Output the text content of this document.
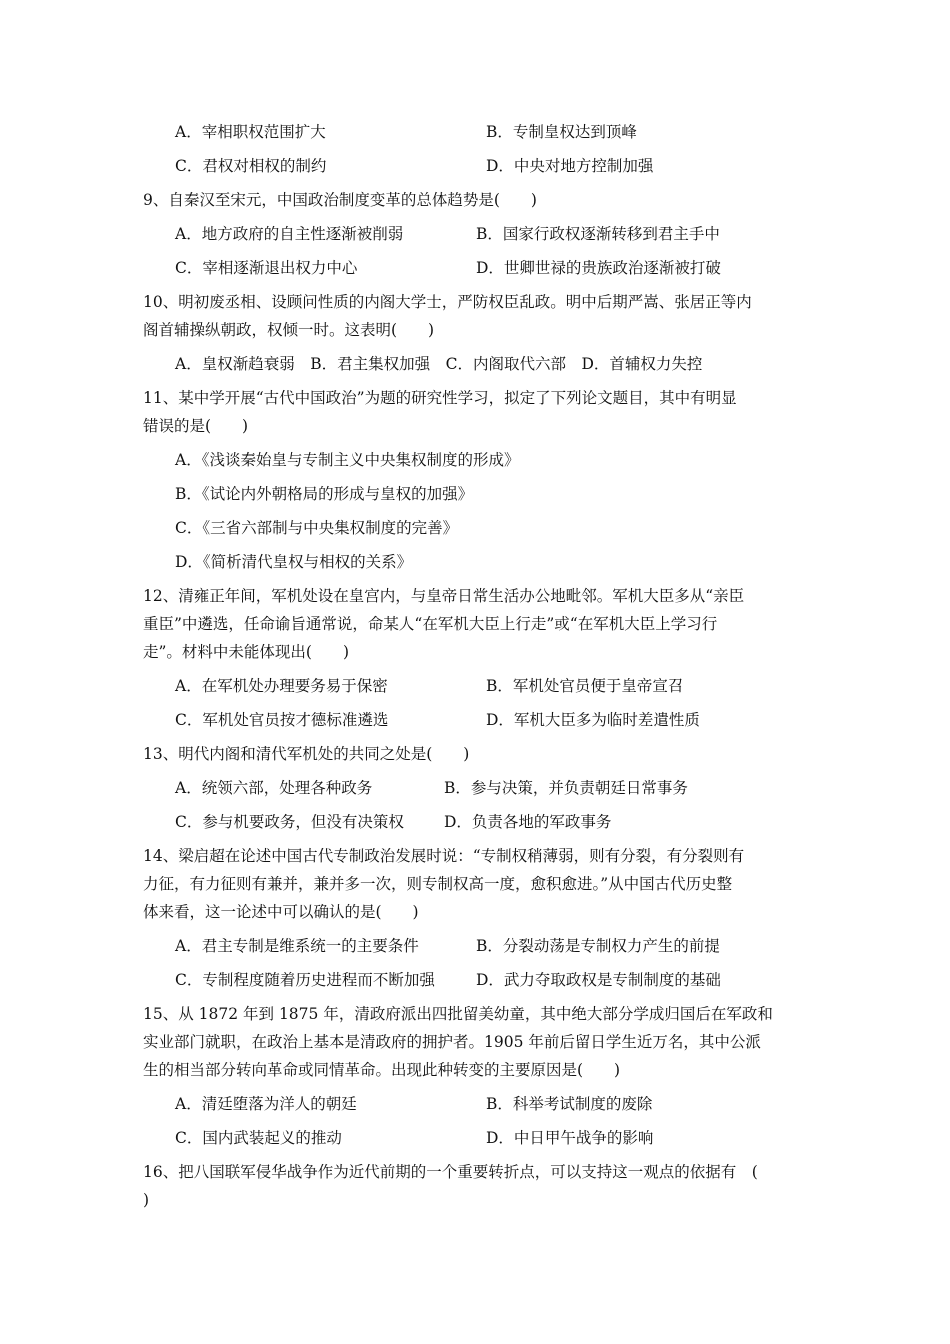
A．宰相职权范围扩大	B．专制皇权达到顶峰
C．君权对相权的制约	D．中央对地方控制加强
9、自秦汉至宋元，中国政治制度变革的总体趋势是(　　)
A．地方政府的自主性逐渐被削弱	B．国家行政权逐渐转移到君主手中
C．宰相逐渐退出权力中心	D．世卿世禄的贵族政治逐渐被打破
10、明初废丞相、设顾问性质的内阁大学士，严防权臣乱政。明中后期严嵩、张居正等内
阁首辅操纵朝政，权倾一时。这表明(　　)
A．皇权渐趋衰弱　B．君主集权加强　C．内阁取代六部　D．首辅权力失控
11、某中学开展“古代中国政治”为题的研究性学习，拟定了下列论文题目，其中有明显
错误的是(　　)
A．《浅谈秦始皇与专制主义中央集权制度的形成》
B．《试论内外朝格局的形成与皇权的加强》
C．《三省六部制与中央集权制度的完善》
D．《简析清代皇权与相权的关系》
12、清雍正年间，军机处设在皇宫内，与皇帝日常生活办公地毗邻。军机大臣多从“亲臣
重臣”中遴选，任命谕旨通常说，命某人“在军机大臣上行走”或“在军机大臣上学习行
走”。材料中未能体现出(　　)
A．在军机处办理要务易于保密	B．军机处官员便于皇帝宣召
C．军机处官员按才德标准遴选	D．军机大臣多为临时差遣性质
13、明代内阁和清代军机处的共同之处是(　　)
A．统领六部，处理各种政务	B．参与决策，并负责朝廷日常事务
C．参与机要政务，但没有决策权	D．负责各地的军政事务
14、梁启超在论述中国古代专制政治发展时说：“专制权稍薄弱，则有分裂，有分裂则有
力征，有力征则有兼并，兼并多一次，则专制权高一度，愈积愈进。”从中国古代历史整
体来看，这一论述中可以确认的是(　　)
A．君主专制是维系统一的主要条件	B．分裂动荡是专制权力产生的前提
C．专制程度随着历史进程而不断加强	D．武力夺取政权是专制制度的基础
15、从 1872 年到 1875 年，清政府派出四批留美幼童，其中绝大部分学成归国后在军政和
实业部门就职，在政治上基本是清政府的拥护者。1905 年前后留日学生近万名，其中公派
生的相当部分转向革命或同情革命。出现此种转变的主要原因是(　　)
A．清廷堕落为洋人的朝廷	B．科举考试制度的废除
C．国内武装起义的推动	D．中日甲午战争的影响
16、把八国联军侵华战争作为近代前期的一个重要转折点，可以支持这一观点的依据有　(
)
